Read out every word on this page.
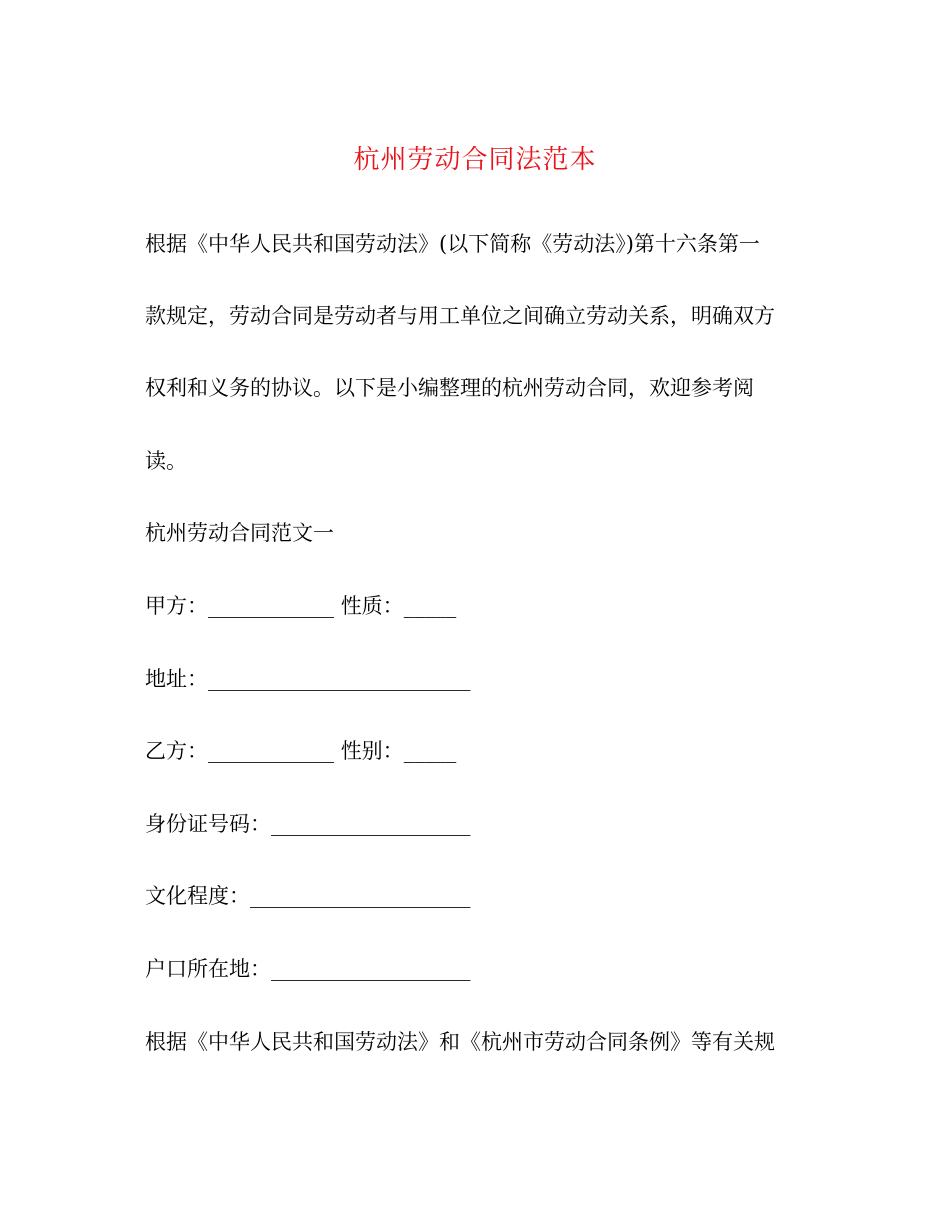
杭州劳动合同法范本
根据《中华人民共和国劳动法》(以下简称《劳动法》)第十六条第一
款规定，劳动合同是劳动者与用工单位之间确立劳动关系，明确双方
权利和义务的协议。以下是小编整理的杭州劳动合同，欢迎参考阅
读。
杭州劳动合同范文一
甲方：____________ 性质：_____
地址：_________________________
乙方：____________ 性别：_____
身份证号码：___________________
文化程度：_____________________
户口所在地：___________________
根据《中华人民共和国劳动法》和《杭州市劳动合同条例》等有关规
